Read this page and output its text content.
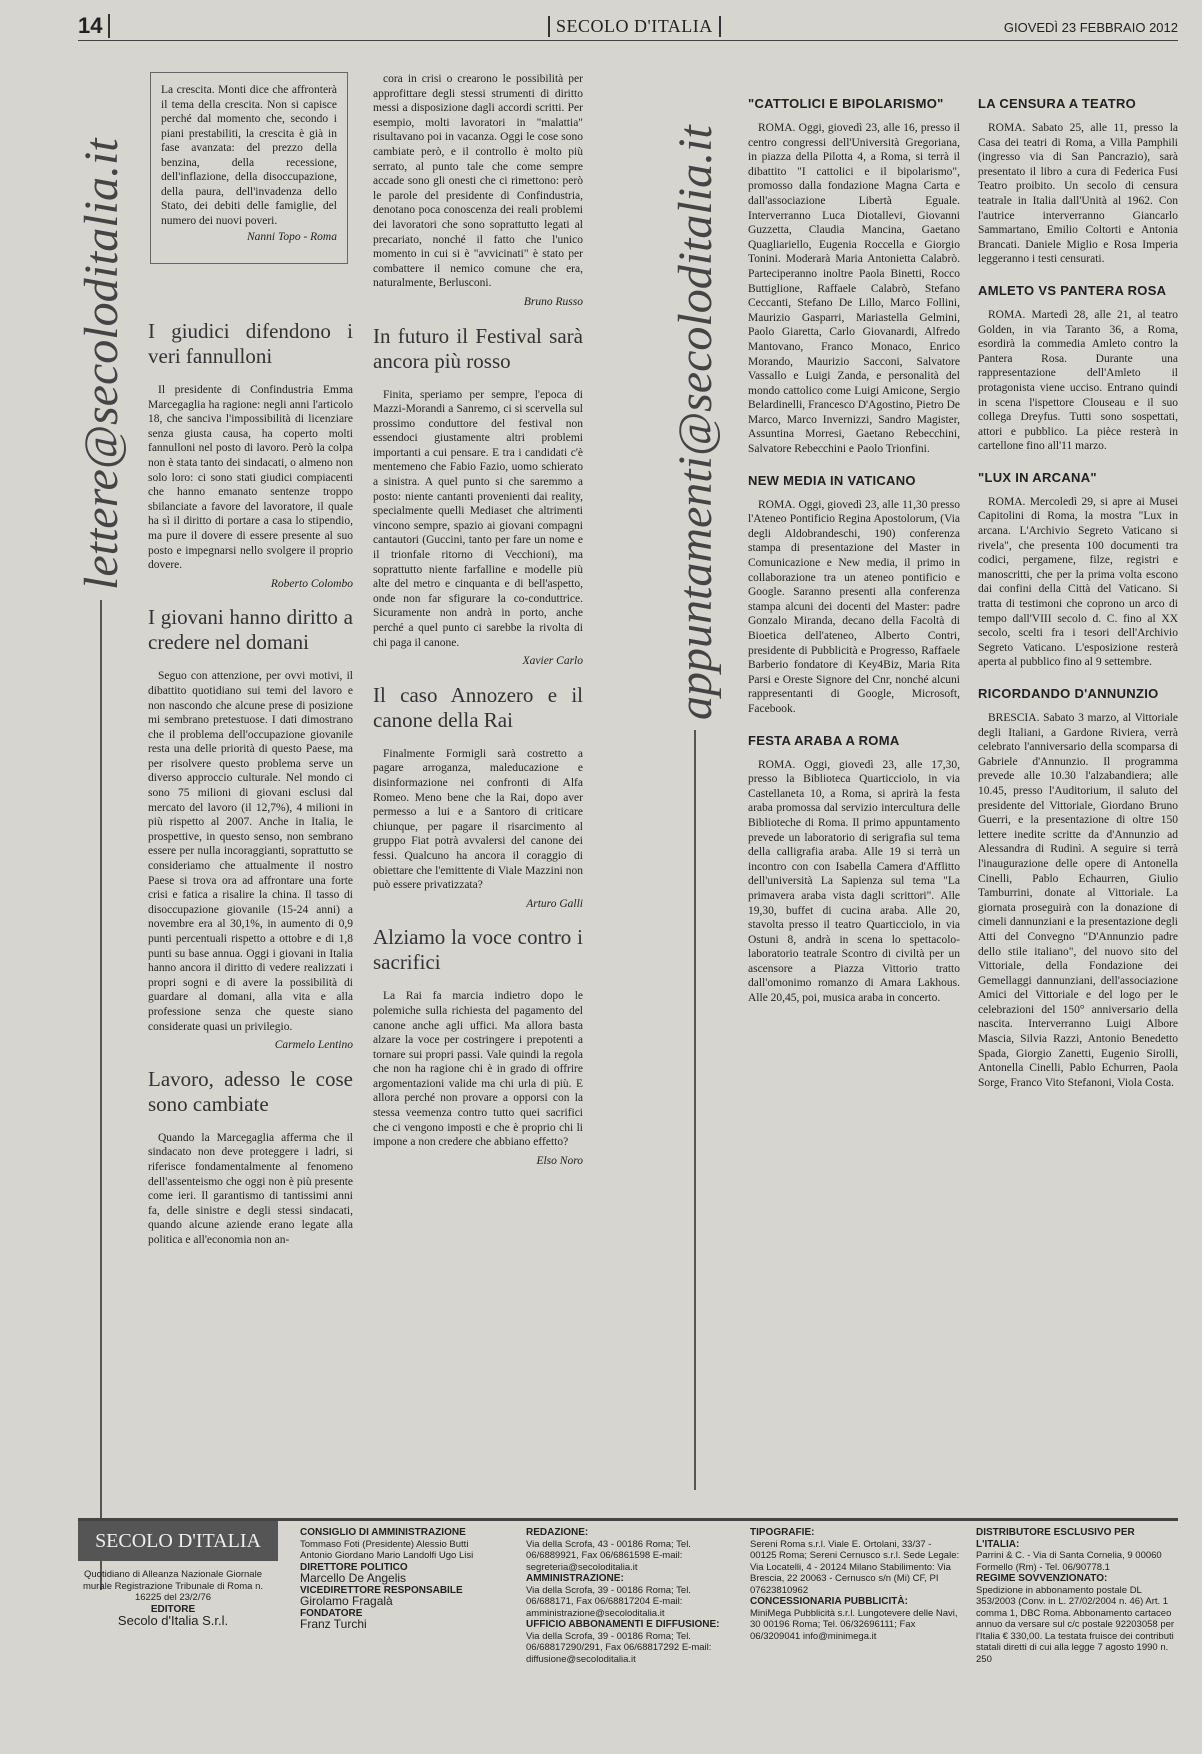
14	SECOLO D'ITALIA	GIOVEDÌ 23 FEBBRAIO 2012
lettere@secoloditalia.it	appuntamenti@secoloditalia.it
La crescita. Monti dice che affronterà il tema della crescita. Non si capisce perché dal momento che, secondo i piani prestabiliti, la crescita è già in fase avanzata: del prezzo della benzina, della recessione, dell'inflazione, della disoccupazione, della paura, dell'invadenza dello Stato, dei debiti delle famiglie, del numero dei nuovi poveri.
Nanni Topo - Roma
I giudici difendono i veri fannulloni

Il presidente di Confindustria Emma Marcegaglia ha ragione: negli anni l'articolo 18, che sanciva l'impossibilità di licenziare senza giusta causa, ha coperto molti fannulloni nel posto di lavoro. Però la colpa non è stata tanto dei sindacati, o almeno non solo loro: ci sono stati giudici compiacenti che hanno emanato sentenze troppo sbilanciate a favore del lavoratore, il quale ha sì il diritto di portare a casa lo stipendio, ma pure il dovere di essere presente al suo posto e impegnarsi nello svolgere il proprio dovere.

Roberto Colombo
I giovani hanno diritto a credere nel domani

Seguo con attenzione, per ovvi motivi, il dibattito quotidiano sui temi del lavoro e non nascondo che alcune prese di posizione mi sembrano pretestuose. I dati dimostrano che il problema dell'occupazione giovanile resta una delle priorità di questo Paese, ma per risolvere questo problema serve un diverso approccio culturale. Nel mondo ci sono 75 milioni di giovani esclusi dal mercato del lavoro (il 12,7%), 4 milioni in più rispetto al 2007. Anche in Italia, le prospettive, in questo senso, non sembrano essere per nulla incoraggianti, soprattutto se consideriamo che attualmente il nostro Paese si trova ora ad affrontare una forte crisi e fatica a risalire la china. Il tasso di disoccupazione giovanile (15-24 anni) a novembre era al 30,1%, in aumento di 0,9 punti percentuali rispetto a ottobre e di 1,8 punti su base annua. Oggi i giovani in Italia hanno ancora il diritto di vedere realizzati i propri sogni e di avere la possibilità di guardare al domani, alla vita e alla professione senza che queste siano considerate quasi un privilegio.

Carmelo Lentino
Lavoro, adesso le cose sono cambiate

Quando la Marcegaglia afferma che il sindacato non deve proteggere i ladri, si riferisce fondamentalmente al fenomeno dell'assenteismo che oggi non è più presente come ieri. Il garantismo di tantissimi anni fa, delle sinistre e degli stessi sindacati, quando alcune aziende erano legate alla politica e all'economia non an-

cora in crisi o crearono le possibilità per approfittare degli stessi strumenti di diritto messi a disposizione dagli accordi scritti. Per esempio, molti lavoratori in "malattia" risultavano poi in vacanza. Oggi le cose sono cambiate però, e il controllo è molto più serrato, al punto tale che come sempre accade sono gli onesti che ci rimettono: però le parole del presidente di Confindustria, denotano poca conoscenza dei reali problemi dei lavoratori che sono soprattutto legati al precariato, nonché il fatto che l'unico momento in cui si è "avvicinati" è stato per combattere il nemico comune che era, naturalmente, Berlusconi.

Bruno Russo
In futuro il Festival sarà ancora più rosso

Finita, speriamo per sempre, l'epoca di Mazzi-Morandi a Sanremo, ci si scervella sul prossimo conduttore del festival non essendoci giustamente altri problemi importanti a cui pensare. E tra i candidati c'è mentemeno che Fabio Fazio, uomo schierato a sinistra. A quel punto si che saremmo a posto: niente cantanti provenienti dai reality, specialmente quelli Mediaset che altrimenti vincono sempre, spazio ai giovani compagni cantautori (Guccini, tanto per fare un nome e il trionfale ritorno di Vecchioni), ma soprattutto niente farfalline e modelle più alte del metro e cinquanta e di bell'aspetto, onde non far sfigurare la co-conduttrice. Sicuramente non andrà in porto, anche perché a quel punto ci sarebbe la rivolta di chi paga il canone.

Xavier Carlo
Il caso Annozero e il canone della Rai

Finalmente Formigli sarà costretto a pagare arroganza, maleducazione e disinformazione nei confronti di Alfa Romeo. Meno bene che la Rai, dopo aver permesso a lui e a Santoro di criticare chiunque, per pagare il risarcimento al gruppo Fiat potrà avvalersi del canone dei fessi. Qualcuno ha ancora il coraggio di obiettare che l'emittente di Viale Mazzini non può essere privatizzata?

Arturo Galli
Alziamo la voce contro i sacrifici

La Rai fa marcia indietro dopo le polemiche sulla richiesta del pagamento del canone anche agli uffici. Ma allora basta alzare la voce per costringere i prepotenti a tornare sui propri passi. Vale quindi la regola che non ha ragione chi è in grado di offrire argomentazioni valide ma chi urla di più. E allora perché non provare a opporsi con la stessa veemenza contro tutto quei sacrifici che ci vengono imposti e che è proprio chi li impone a non credere che abbiano effetto?

Elso Noro
"CATTOLICI E BIPOLARISMO"

ROMA. Oggi, giovedì 23, alle 16, presso il centro congressi dell'Università Gregoriana, in piazza della Pilotta 4, a Roma, si terrà il dibattito "I cattolici e il bipolarismo", promosso dalla fondazione Magna Carta e dall'associazione Libertà Eguale. Interverranno Luca Diotallevi, Giovanni Guzzetta, Claudia Mancina, Gaetano Quagliariello, Eugenia Roccella e Giorgio Tonini. Moderarà Maria Antonietta Calabrò. Parteciperanno inoltre Paola Binetti, Rocco Buttiglione, Raffaele Calabrò, Stefano Ceccanti, Stefano De Lillo, Marco Follini, Maurizio Gasparri, Mariastella Gelmini, Paolo Giaretta, Carlo Giovanardi, Alfredo Mantovano, Franco Monaco, Enrico Morando, Maurizio Sacconi, Salvatore Vassallo e Luigi Zanda, e personalità del mondo cattolico come Luigi Amicone, Sergio Belardinelli, Francesco D'Agostino, Pietro De Marco, Marco Invernizzi, Sandro Magister, Assuntina Morresi, Gaetano Rebecchini, Salvatore Rebecchini e Paolo Trionfini.

NEW MEDIA IN VATICANO

ROMA. Oggi, giovedì 23, alle 11,30 presso l'Ateneo Pontificio Regina Apostolorum, (Via degli Aldobrandeschi, 190) conferenza stampa di presentazione del Master in Comunicazione e New media, il primo in collaborazione tra un ateneo pontificio e Google. Saranno presenti alla conferenza stampa alcuni dei docenti del Master: padre Gonzalo Miranda, decano della Facoltà di Bioetica dell'ateneo, Alberto Contri, presidente di Pubblicità e Progresso, Raffaele Barberio fondatore di Key4Biz, Maria Rita Parsi e Oreste Signore del Cnr, nonché alcuni rappresentanti di Google, Microsoft, Facebook.

FESTA ARABA A ROMA

ROMA. Oggi, giovedì 23, alle 17,30, presso la Biblioteca Quarticciolo, in via Castellaneta 10, a Roma, si aprirà la festa araba promossa dal servizio intercultura delle Biblioteche di Roma. Il primo appuntamento prevede un laboratorio di serigrafia sul tema della calligrafia araba. Alle 19 si terrà un incontro con con Isabella Camera d'Afflitto dell'università La Sapienza sul tema "La primavera araba vista dagli scrittori". Alle 19,30, buffet di cucina araba. Alle 20, stavolta presso il teatro Quarticciolo, in via Ostuni 8, andrà in scena lo spettacolo-laboratorio teatrale Scontro di civiltà per un ascensore a Piazza Vittorio tratto dall'omonimo romanzo di Amara Lakhous. Alle 20,45, poi, musica araba in concerto.

LA CENSURA A TEATRO

ROMA. Sabato 25, alle 11, presso la Casa dei teatri di Roma, a Villa Pamphili (ingresso via di San Pancrazio), sarà presentato il libro a cura di Federica Fusi Teatro proibito. Un secolo di censura teatrale in Italia dall'Unità al 1962. Con l'autrice interverranno Giancarlo Sammartano, Emilio Coltorti e Antonia Brancati. Daniele Miglio e Rosa Imperia leggeranno i testi censurati.

AMLETO VS PANTERA ROSA

ROMA. Martedì 28, alle 21, al teatro Golden, in via Taranto 36, a Roma, esordirà la commedia Amleto contro la Pantera Rosa. Durante una rappresentazione dell'Amleto il protagonista viene ucciso. Entrano quindi in scena l'ispettore Clouseau e il suo collega Dreyfus. Tutti sono sospettati, attori e pubblico. La pièce resterà in cartellone fino all'11 marzo.

"LUX IN ARCANA"

ROMA. Mercoledì 29, si apre ai Musei Capitolini di Roma, la mostra "Lux in arcana. L'Archivio Segreto Vaticano si rivela", che presenta 100 documenti tra codici, pergamene, filze, registri e manoscritti, che per la prima volta escono dai confini della Città del Vaticano. Si tratta di testimoni che coprono un arco di tempo dall'VIII secolo d. C. fino al XX secolo, scelti fra i tesori dell'Archivio Segreto Vaticano. L'esposizione resterà aperta al pubblico fino al 9 settembre.

RICORDANDO D'ANNUNZIO

BRESCIA. Sabato 3 marzo, al Vittoriale degli Italiani, a Gardone Riviera, verrà celebrato l'anniversario della scomparsa di Gabriele d'Annunzio. Il programma prevede alle 10.30 l'alzabandiera; alle 10.45, presso l'Auditorium, il saluto del presidente del Vittoriale, Giordano Bruno Guerri, e la presentazione di oltre 150 lettere inedite scritte da d'Annunzio ad Alessandra di Rudinì. A seguire si terrà l'inaugurazione delle opere di Antonella Cinelli, Pablo Echaurren, Giulio Tamburrini, donate al Vittoriale. La giornata proseguirà con la donazione di cimeli dannunziani e la presentazione degli Atti del Convegno "D'Annunzio padre dello stile italiano", del nuovo sito del Vittoriale, della Fondazione dei Gemellaggi dannunziani, dell'associazione Amici del Vittoriale e del logo per le celebrazioni del 150° anniversario della nascita. Interverranno Luigi Albore Mascia, Silvia Razzi, Antonio Benedetto Spada, Giorgio Zanetti, Eugenio Sirolli, Antonella Cinelli, Pablo Echurren, Paola Sorge, Franco Vito Stefanoni, Viola Costa.

SECOLO D'ITALIA
Quotidiano di Alleanza Nazionale Giornale murale Registrazione Tribunale di Roma n. 16225 del 23/2/76
EDITORE
Secolo d'Italia S.r.l.
CONSIGLIO DI AMMINISTRAZIONE
Tommaso Foti (Presidente) Alessio Butti Antonio Giordano Mario Landolfi Ugo Lisi
DIRETTORE POLITICO
Marcello De Angelis
VICEDIRETTORE RESPONSABILE
Girolamo Fragalà
FONDATORE
Franz Turchi
REDAZIONE:
Via della Scrofa, 43 - 00186 Roma; Tel. 06/6889921, Fax 06/6861598 E-mail: segreteria@secoloditalia.it
AMMINISTRAZIONE:
Via della Scrofa, 39 - 00186 Roma; Tel. 06/688171, Fax 06/68817204 E-mail: amministrazione@secoloditalia.it
UFFICIO ABBONAMENTI E DIFFUSIONE:
Via della Scrofa, 39 - 00186 Roma; Tel. 06/68817290/291, Fax 06/68817292 E-mail: diffusione@secoloditalia.it
TIPOGRAFIE:
Sereni Roma s.r.l. Viale E. Ortolani, 33/37 - 00125 Roma; Sereni Cernusco s.r.l. Sede Legale: Via Locatelli, 4 - 20124 Milano Stabilimento: Via Brescia, 22 20063 - Cernusco s/n (Mi) CF, PI 07623810962
CONCESSIONARIA PUBBLICITÀ:
MiniMega Pubblicità s.r.l. Lungotevere delle Navi, 30 00196 Roma; Tel. 06/32696111; Fax 06/3209041 info@minimega.it
DISTRIBUTORE ESCLUSIVO PER L'ITALIA:
Parrini & C. - Via di Santa Cornelia, 9 00060 Formello (Rm) - Tel. 06/90778.1
REGIME SOVVENZIONATO:
Spedizione in abbonamento postale DL 353/2003 (Conv. in L. 27/02/2004 n. 46) Art. 1 comma 1, DBC Roma. Abbonamento cartaceo annuo da versare sul c/c postale 92203058 per l'Italia € 330,00. La testata fruisce dei contributi statali diretti di cui alla legge 7 agosto 1990 n. 250
